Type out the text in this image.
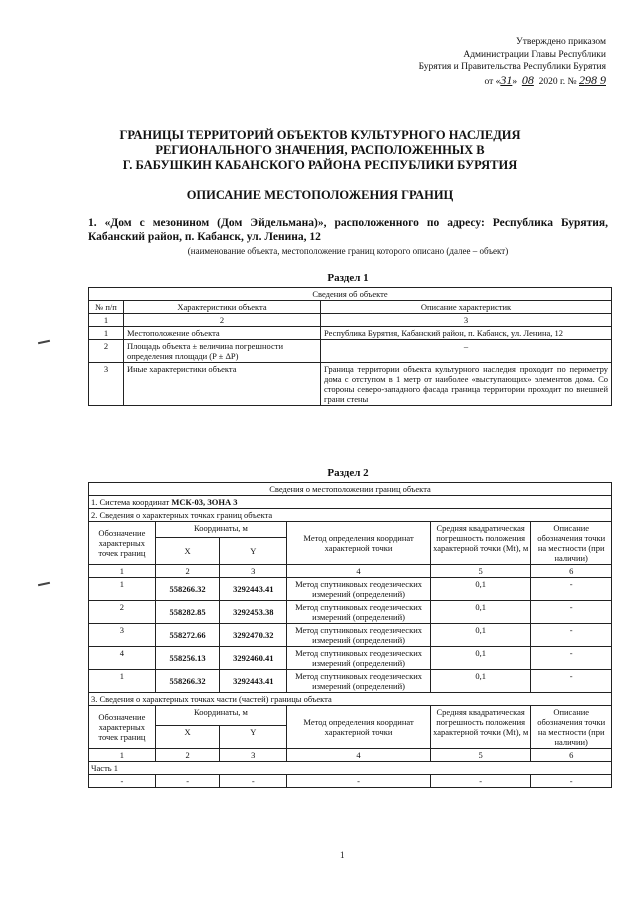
Утверждено приказом
Администрации Главы Республики
Бурятия и Правительства Республики Бурятия
от «31» 08 2020 г. № 298 9
ГРАНИЦЫ ТЕРРИТОРИЙ ОБЪЕКТОВ КУЛЬТУРНОГО НАСЛЕДИЯ
РЕГИОНАЛЬНОГО ЗНАЧЕНИЯ, РАСПОЛОЖЕННЫХ В
Г. БАБУШКИН КАБАНСКОГО РАЙОНА РЕСПУБЛИКИ БУРЯТИЯ
ОПИСАНИЕ МЕСТОПОЛОЖЕНИЯ ГРАНИЦ
1. «Дом с мезонином (Дом Эйдельмана)», расположенного по адресу: Республика Бурятия, Кабанский район, п. Кабанск, ул. Ленина, 12
(наименование объекта, местоположение границ которого описано (далее – объект)
Раздел 1
Сведения об объекте		
№ п/п	Характеристики объекта	Описание характеристик
1	2	3
1	Местоположение объекта	Республика Бурятия, Кабанский район, п. Кабанск, ул. Ленина, 12
2	Площадь объекта ± величина погрешности определения площади (P ± ΔP)	–
3	Иные характеристики объекта	Граница территории объекта культурного наследия проходит по периметру дома с отступом в 1 метр от наиболее «выступающих» элементов дома. Со стороны северо-западного фасада граница территории проходит по внешней грани стены
Раздел 2
Сведения о местоположении границ объекта					
1. Система координат МСК-03, ЗОНА 3					
2. Сведения о характерных точках границ объекта					
Обозначение характерных точек границ	Координаты, м		Метод определения координат характерной точки	Средняя квадратическая погрешность положения характерной точки (Mt), м	Описание обозначения точки на местности (при наличии)
	X	Y			
1	2	3	4	5	6
1	558266.32	3292443.41	Метод спутниковых геодезических измерений (определений)	0,1	-
2	558282.85	3292453.38	Метод спутниковых геодезических измерений (определений)	0,1	-
3	558272.66	3292470.32	Метод спутниковых геодезических измерений (определений)	0,1	-
4	558256.13	3292460.41	Метод спутниковых геодезических измерений (определений)	0,1	-
1	558266.32	3292443.41	Метод спутниковых геодезических измерений (определений)	0,1	-
3. Сведения о характерных точках части (частей) границы объекта					
Обозначение характерных точек границ	Координаты, м		Метод определения координат характерной точки	Средняя квадратическая погрешность положения характерной точки (Mt), м	Описание обозначения точки на местности (при наличии)
	X	Y			
1	2	3	4	5	6
Часть 1					
-	-	-	-	-	-
1
